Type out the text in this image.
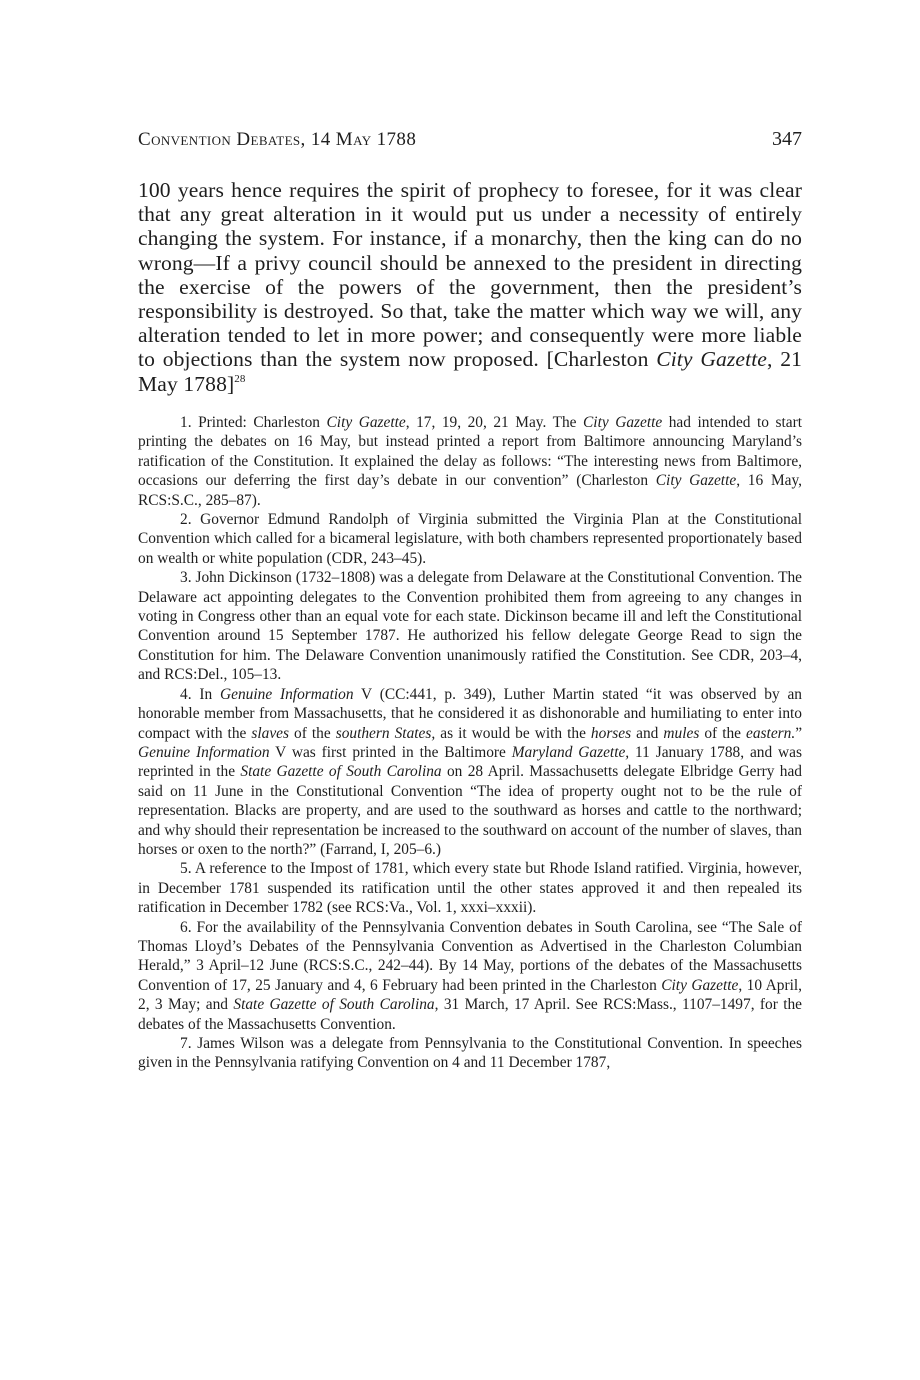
Convention Debates, 14 May 1788	347

100 years hence requires the spirit of prophecy to foresee, for it was clear that any great alteration in it would put us under a necessity of entirely changing the system. For instance, if a monarchy, then the king can do no wrong—If a privy council should be annexed to the president in directing the exercise of the powers of the government, then the president’s responsibility is destroyed. So that, take the matter which way we will, any alteration tended to let in more power; and consequently were more liable to objections than the system now proposed. [Charleston City Gazette, 21 May 1788]$^{28}$

1. Printed: Charleston City Gazette, 17, 19, 20, 21 May. The City Gazette had intended to start printing the debates on 16 May, but instead printed a report from Baltimore announcing Maryland’s ratification of the Constitution. It explained the delay as follows: “The interesting news from Baltimore, occasions our deferring the first day’s debate in our convention” (Charleston City Gazette, 16 May, RCS:S.C., 285–87).

2. Governor Edmund Randolph of Virginia submitted the Virginia Plan at the Constitutional Convention which called for a bicameral legislature, with both chambers represented proportionately based on wealth or white population (CDR, 243–45).

3. John Dickinson (1732–1808) was a delegate from Delaware at the Constitutional Convention. The Delaware act appointing delegates to the Convention prohibited them from agreeing to any changes in voting in Congress other than an equal vote for each state. Dickinson became ill and left the Constitutional Convention around 15 September 1787. He authorized his fellow delegate George Read to sign the Constitution for him. The Delaware Convention unanimously ratified the Constitution. See CDR, 203–4, and RCS:Del., 105–13.

4. In Genuine Information V (CC:441, p. 349), Luther Martin stated “it was observed by an honorable member from Massachusetts, that he considered it as dishonorable and humiliating to enter into compact with the slaves of the southern States, as it would be with the horses and mules of the eastern.” Genuine Information V was first printed in the Baltimore Maryland Gazette, 11 January 1788, and was reprinted in the State Gazette of South Carolina on 28 April. Massachusetts delegate Elbridge Gerry had said on 11 June in the Constitutional Convention “The idea of property ought not to be the rule of representation. Blacks are property, and are used to the southward as horses and cattle to the northward; and why should their representation be increased to the southward on account of the number of slaves, than horses or oxen to the north?” (Farrand, I, 205–6.)

5. A reference to the Impost of 1781, which every state but Rhode Island ratified. Virginia, however, in December 1781 suspended its ratification until the other states approved it and then repealed its ratification in December 1782 (see RCS:Va., Vol. 1, xxxi–xxxii).

6. For the availability of the Pennsylvania Convention debates in South Carolina, see “The Sale of Thomas Lloyd’s Debates of the Pennsylvania Convention as Advertised in the Charleston Columbian Herald,” 3 April–12 June (RCS:S.C., 242–44). By 14 May, portions of the debates of the Massachusetts Convention of 17, 25 January and 4, 6 February had been printed in the Charleston City Gazette, 10 April, 2, 3 May; and State Gazette of South Carolina, 31 March, 17 April. See RCS:Mass., 1107–1497, for the debates of the Massachusetts Convention.

7. James Wilson was a delegate from Pennsylvania to the Constitutional Convention. In speeches given in the Pennsylvania ratifying Convention on 4 and 11 December 1787,
